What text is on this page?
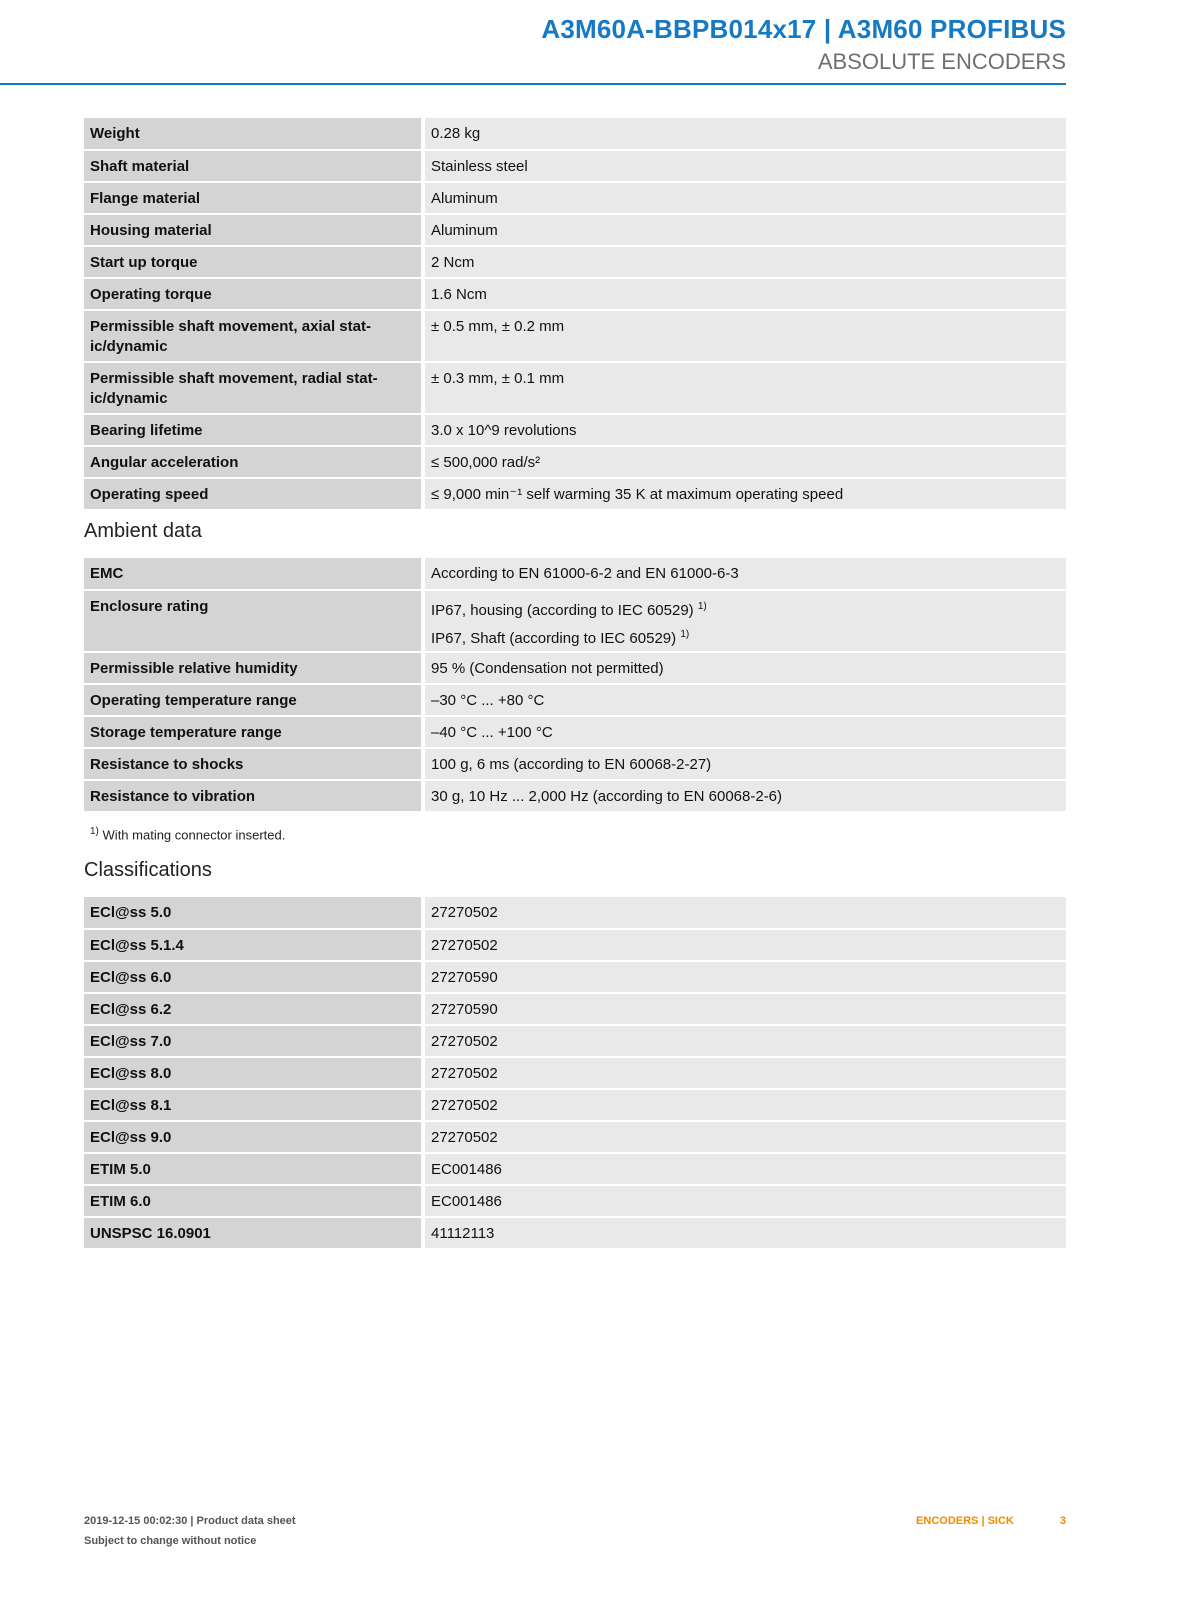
A3M60A-BBPB014x17 | A3M60 PROFIBUS
ABSOLUTE ENCODERS
Weight	0.28 kg
Shaft material	Stainless steel
Flange material	Aluminum
Housing material	Aluminum
Start up torque	2 Ncm
Operating torque	1.6 Ncm
Permissible shaft movement, axial stat-ic/dynamic	± 0.5 mm, ± 0.2 mm
Permissible shaft movement, radial stat-ic/dynamic	± 0.3 mm, ± 0.1 mm
Bearing lifetime	3.0 x 10^9 revolutions
Angular acceleration	≤ 500,000 rad/s²
Operating speed	≤ 9,000 min⁻¹ self warming 35 K at maximum operating speed
Ambient data
EMC	According to EN 61000-6-2 and EN 61000-6-3
Enclosure rating	IP67, housing (according to IEC 60529) $^{1)}$
IP67, Shaft (according to IEC 60529) $^{1)}$
Permissible relative humidity	95 % (Condensation not permitted)
Operating temperature range	–30 °C ... +80 °C
Storage temperature range	–40 °C ... +100 °C
Resistance to shocks	100 g, 6 ms (according to EN 60068-2-27)
Resistance to vibration	30 g, 10 Hz ... 2,000 Hz (according to EN 60068-2-6)
$^{1)}$ With mating connector inserted.
Classifications
ECl@ss 5.0	27270502
ECl@ss 5.1.4	27270502
ECl@ss 6.0	27270590
ECl@ss 6.2	27270590
ECl@ss 7.0	27270502
ECl@ss 8.0	27270502
ECl@ss 8.1	27270502
ECl@ss 9.0	27270502
ETIM 5.0	EC001486
ETIM 6.0	EC001486
UNSPSC 16.0901	41112113
2019-12-15 00:02:30 | Product data sheet
Subject to change without notice
ENCODERS | SICK	3
